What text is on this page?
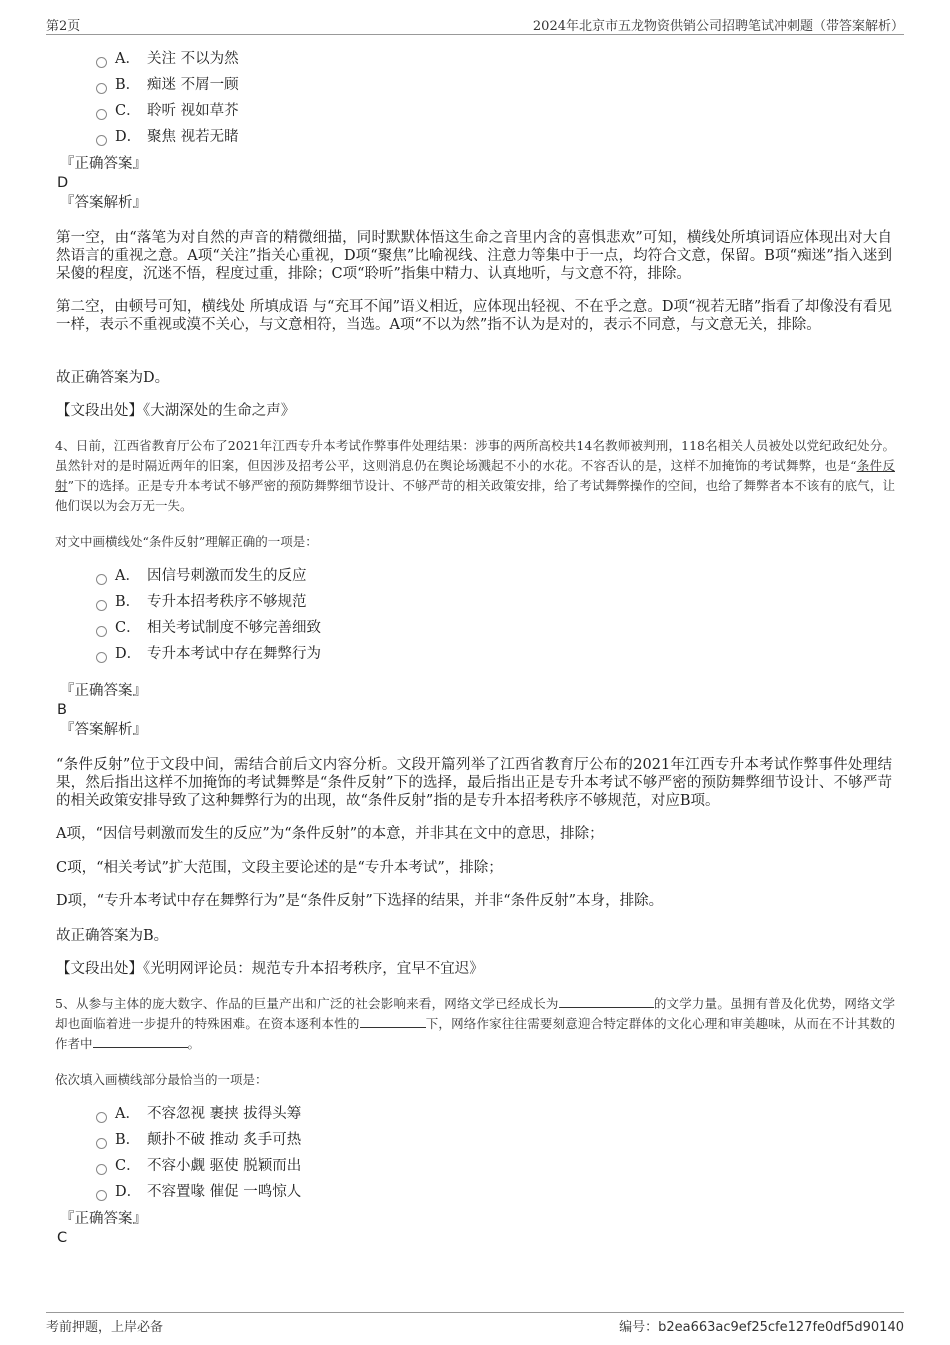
第2页	2024年北京市五龙物资供销公司招聘笔试冲刺题（带答案解析）
A． 关注 不以为然
B． 痴迷 不屑一顾
C． 聆听 视如草芥
D． 聚焦 视若无睹
『正确答案』
D
『答案解析』
第一空，由“落笔为对自然的声音的精微细描，同时默默体悟这生命之音里内含的喜惧悲欢”可知，横线处所填词语应体现出对大自然语言的重视之意。A项“关注”指关心重视，D项“聚焦”比喻视线、注意力等集中于一点，均符合文意，保留。B项“痴迷”指入迷到呆傻的程度，沉迷不悟，程度过重，排除；C项“聆听”指集中精力、认真地听，与文意不符，排除。
第二空，由顿号可知，横线处 所填成语 与“充耳不闻”语义相近，应体现出轻视、不在乎之意。D项“视若无睹”指看了却像没有看见一样，表示不重视或漠不关心，与文意相符，当选。A项“不以为然”指不认为是对的，表示不同意，与文意无关，排除。
故正确答案为D。
【文段出处】《大湖深处的生命之声》
4、日前，江西省教育厅公布了2021年江西专升本考试作弊事件处理结果：涉事的两所高校共14名教师被判刑，118名相关人员被处以党纪政纪处分。虽然针对的是时隔近两年的旧案，但因涉及招考公平，这则消息仍在舆论场溅起不小的水花。不容否认的是，这样不加掩饰的考试舞弊，也是“条件反射”下的选择。正是专升本考试不够严密的预防舞弊细节设计、不够严苛的相关政策安排，给了考试舞弊操作的空间，也给了舞弊者本不该有的底气，让他们误以为会万无一失。
对文中画横线处“条件反射”理解正确的一项是：
A． 因信号刺激而发生的反应
B． 专升本招考秩序不够规范
C． 相关考试制度不够完善细致
D． 专升本考试中存在舞弊行为
『正确答案』
B
『答案解析』
“条件反射”位于文段中间，需结合前后文内容分析。文段开篇列举了江西省教育厅公布的2021年江西专升本考试作弊事件处理结果，然后指出这样不加掩饰的考试舞弊是“条件反射”下的选择，最后指出正是专升本考试不够严密的预防舞弊细节设计、不够严苛的相关政策安排导致了这种舞弊行为的出现，故“条件反射”指的是专升本招考秩序不够规范，对应B项。
A项，“因信号刺激而发生的反应”为“条件反射”的本意，并非其在文中的意思，排除；
C项，“相关考试”扩大范围，文段主要论述的是“专升本考试”，排除；
D项，“专升本考试中存在舞弊行为”是“条件反射”下选择的结果，并非“条件反射”本身，排除。
故正确答案为B。
【文段出处】《光明网评论员：规范专升本招考秩序，宜早不宜迟》
5、从参与主体的庞大数字、作品的巨量产出和广泛的社会影响来看，网络文学已经成长为	的文学力量。虽拥有普及化优势，网络文学却也面临着进一步提升的特殊困难。在资本逐利本性的	下，网络作家往往需要刻意迎合特定群体的文化心理和审美趣味，从而在不计其数的作者中	。
依次填入画横线部分最恰当的一项是：
A． 不容忽视 裹挟 拔得头筹
B． 颠扑不破 推动 炙手可热
C． 不容小觑 驱使 脱颖而出
D． 不容置喙 催促 一鸣惊人
『正确答案』
C
考前押题，上岸必备	编号：b2ea663ac9ef25cfe127fe0df5d90140
